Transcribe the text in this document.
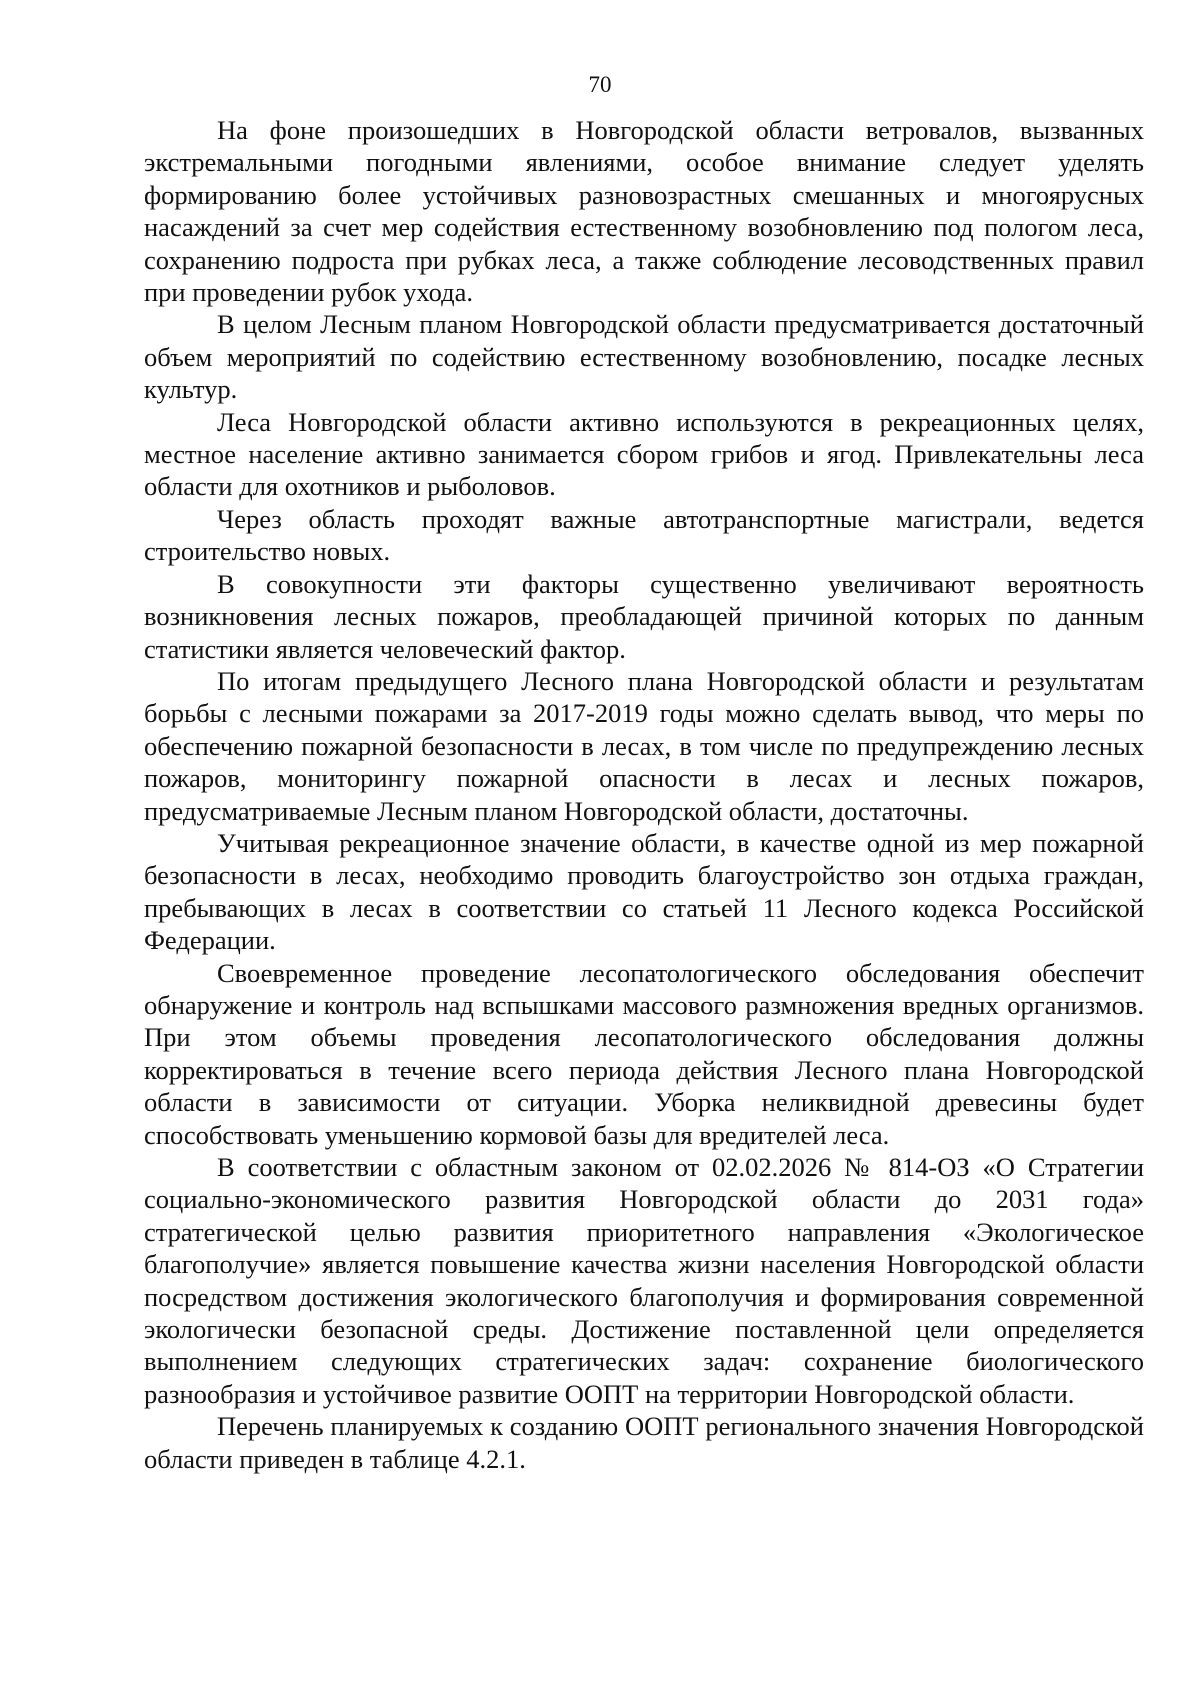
70

На фоне произошедших в Новгородской области ветровалов, вызванных экстремальными погодными явлениями, особое внимание следует уделять формированию более устойчивых разновозрастных смешанных и многоярусных насаждений за счет мер содействия естественному возобновлению под пологом леса, сохранению подроста при рубках леса, а также соблюдение лесоводственных правил при проведении рубок ухода.

В целом Лесным планом Новгородской области предусматривается достаточный объем мероприятий по содействию естественному возобновлению, посадке лесных культур.

Леса Новгородской области активно используются в рекреационных целях, местное население активно занимается сбором грибов и ягод. Привлекательны леса области для охотников и рыболовов.

Через область проходят важные автотранспортные магистрали, ведется строительство новых.

В совокупности эти факторы существенно увеличивают вероятность возникновения лесных пожаров, преобладающей причиной которых по данным статистики является человеческий фактор.

По итогам предыдущего Лесного плана Новгородской области и результатам борьбы с лесными пожарами за 2017-2019 годы можно сделать вывод, что меры по обеспечению пожарной безопасности в лесах, в том числе по предупреждению лесных пожаров, мониторингу пожарной опасности в лесах и лесных пожаров, предусматриваемые Лесным планом Новгородской области, достаточны.

Учитывая рекреационное значение области, в качестве одной из мер пожарной безопасности в лесах, необходимо проводить благоустройство зон отдыха граждан, пребывающих в лесах в соответствии со статьей 11 Лесного кодекса Российской Федерации.

Своевременное проведение лесопатологического обследования обеспечит обнаружение и контроль над вспышками массового размножения вредных организмов. При этом объемы проведения лесопатологического обследования должны корректироваться в течение всего периода действия Лесного плана Новгородской области в зависимости от ситуации. Уборка неликвидной древесины будет способствовать уменьшению кормовой базы для вредителей леса.

В соответствии с областным законом от 02.02.2026 № 814-ОЗ «О Стратегии социально-экономического развития Новгородской области до 2031 года» стратегической целью развития приоритетного направления «Экологическое благополучие» является повышение качества жизни населения Новгородской области посредством достижения экологического благополучия и формирования современной экологически безопасной среды. Достижение поставленной цели определяется выполнением следующих стратегических задач: сохранение биологического разнообразия и устойчивое развитие ООПТ на территории Новгородской области.

Перечень планируемых к созданию ООПТ регионального значения Новгородской области приведен в таблице 4.2.1.
